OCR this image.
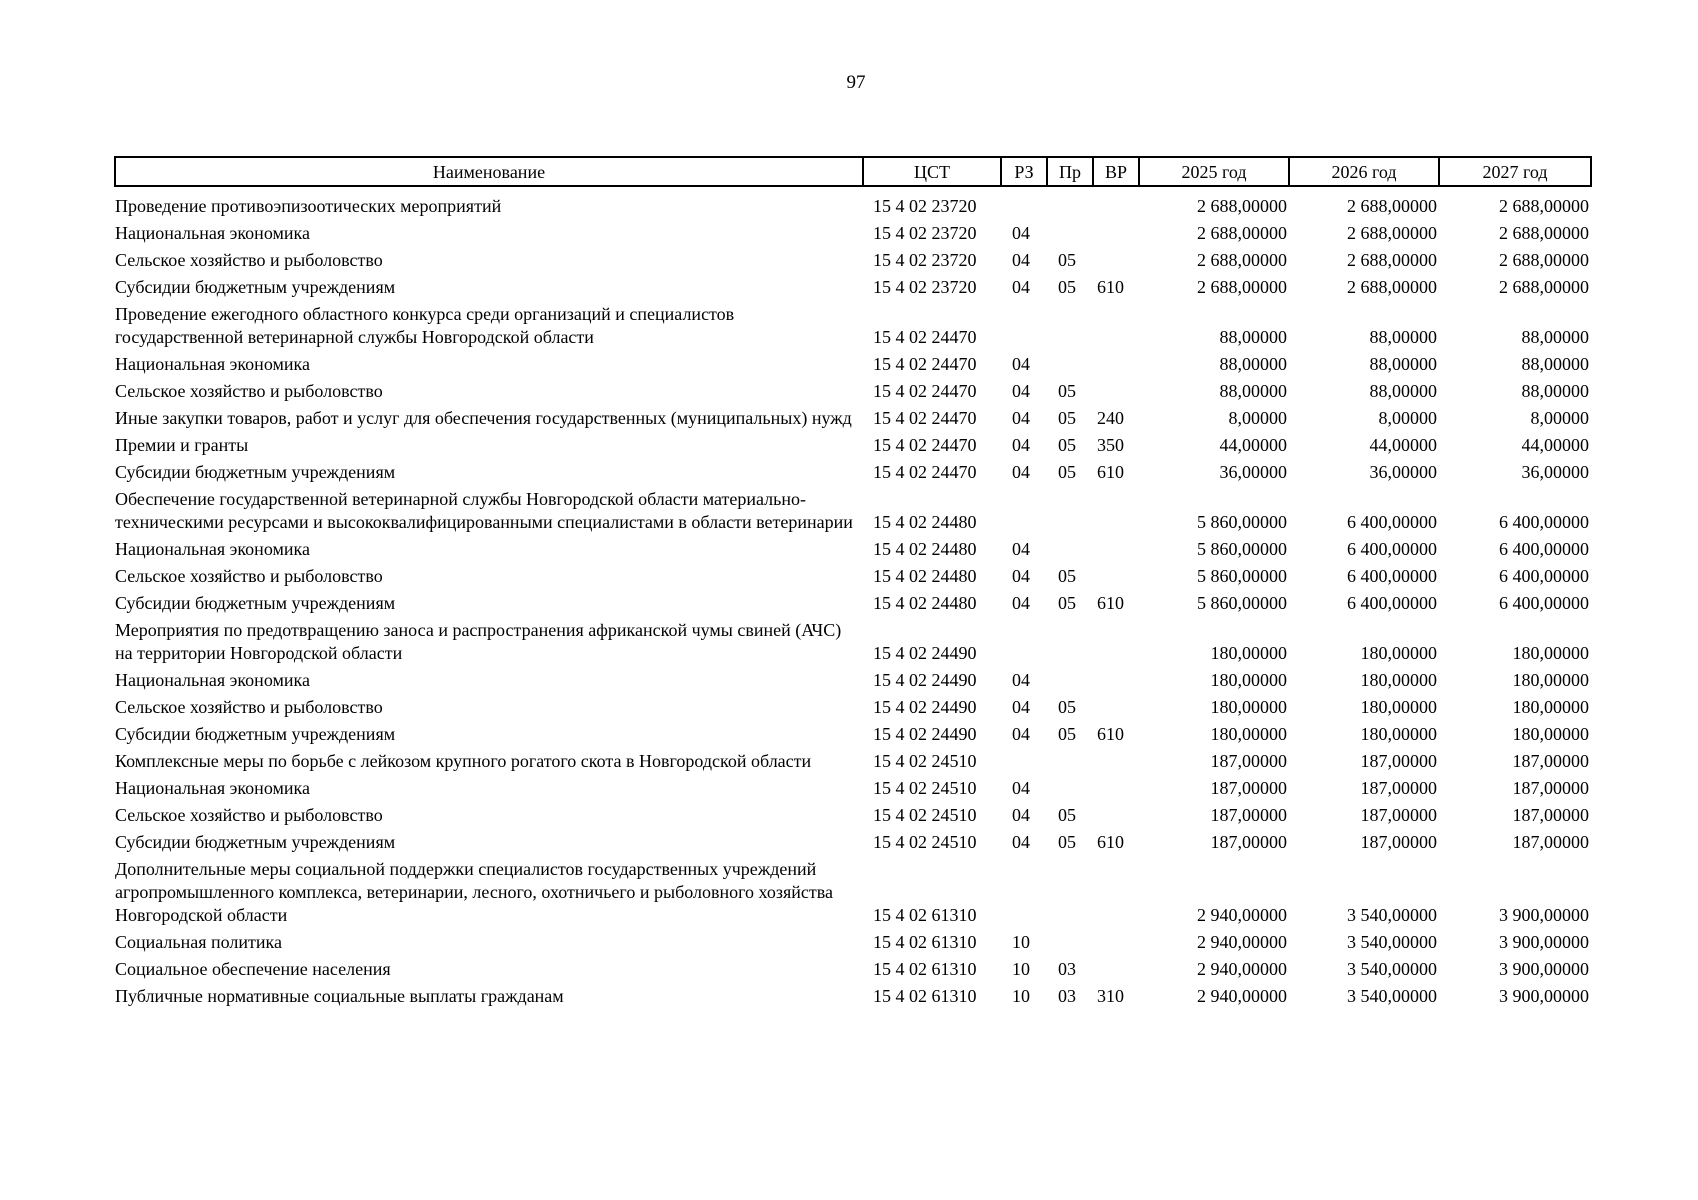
97
Наименование	ЦСТ	РЗ	Пр	ВР	2025 год	2026 год	2027 год
Проведение противоэпизоотических мероприятий	15 4 02 23720				2 688,00000	2 688,00000	2 688,00000
Национальная экономика	15 4 02 23720	04			2 688,00000	2 688,00000	2 688,00000
Сельское хозяйство и рыболовство	15 4 02 23720	04	05		2 688,00000	2 688,00000	2 688,00000
Субсидии бюджетным учреждениям	15 4 02 23720	04	05	610	2 688,00000	2 688,00000	2 688,00000
Проведение ежегодного областного конкурса среди организаций и специалистов государственной ветеринарной службы Новгородской области	15 4 02 24470				88,00000	88,00000	88,00000
Национальная экономика	15 4 02 24470	04			88,00000	88,00000	88,00000
Сельское хозяйство и рыболовство	15 4 02 24470	04	05		88,00000	88,00000	88,00000
Иные закупки товаров, работ и услуг для обеспечения государственных (муниципальных) нужд	15 4 02 24470	04	05	240	8,00000	8,00000	8,00000
Премии и гранты	15 4 02 24470	04	05	350	44,00000	44,00000	44,00000
Субсидии бюджетным учреждениям	15 4 02 24470	04	05	610	36,00000	36,00000	36,00000
Обеспечение государственной ветеринарной службы Новгородской области материально-техническими ресурсами и высококвалифицированными специалистами в области ветеринарии	15 4 02 24480				5 860,00000	6 400,00000	6 400,00000
Национальная экономика	15 4 02 24480	04			5 860,00000	6 400,00000	6 400,00000
Сельское хозяйство и рыболовство	15 4 02 24480	04	05		5 860,00000	6 400,00000	6 400,00000
Субсидии бюджетным учреждениям	15 4 02 24480	04	05	610	5 860,00000	6 400,00000	6 400,00000
Мероприятия по предотвращению заноса и распространения африканской чумы свиней (АЧС) на территории Новгородской области	15 4 02 24490				180,00000	180,00000	180,00000
Национальная экономика	15 4 02 24490	04			180,00000	180,00000	180,00000
Сельское хозяйство и рыболовство	15 4 02 24490	04	05		180,00000	180,00000	180,00000
Субсидии бюджетным учреждениям	15 4 02 24490	04	05	610	180,00000	180,00000	180,00000
Комплексные меры по борьбе с лейкозом крупного рогатого скота в Новгородской области	15 4 02 24510				187,00000	187,00000	187,00000
Национальная экономика	15 4 02 24510	04			187,00000	187,00000	187,00000
Сельское хозяйство и рыболовство	15 4 02 24510	04	05		187,00000	187,00000	187,00000
Субсидии бюджетным учреждениям	15 4 02 24510	04	05	610	187,00000	187,00000	187,00000
Дополнительные меры социальной поддержки специалистов государственных учреждений агропромышленного комплекса, ветеринарии, лесного, охотничьего и рыболовного хозяйства Новгородской области	15 4 02 61310				2 940,00000	3 540,00000	3 900,00000
Социальная политика	15 4 02 61310	10			2 940,00000	3 540,00000	3 900,00000
Социальное обеспечение населения	15 4 02 61310	10	03		2 940,00000	3 540,00000	3 900,00000
Публичные нормативные социальные выплаты гражданам	15 4 02 61310	10	03	310	2 940,00000	3 540,00000	3 900,00000
